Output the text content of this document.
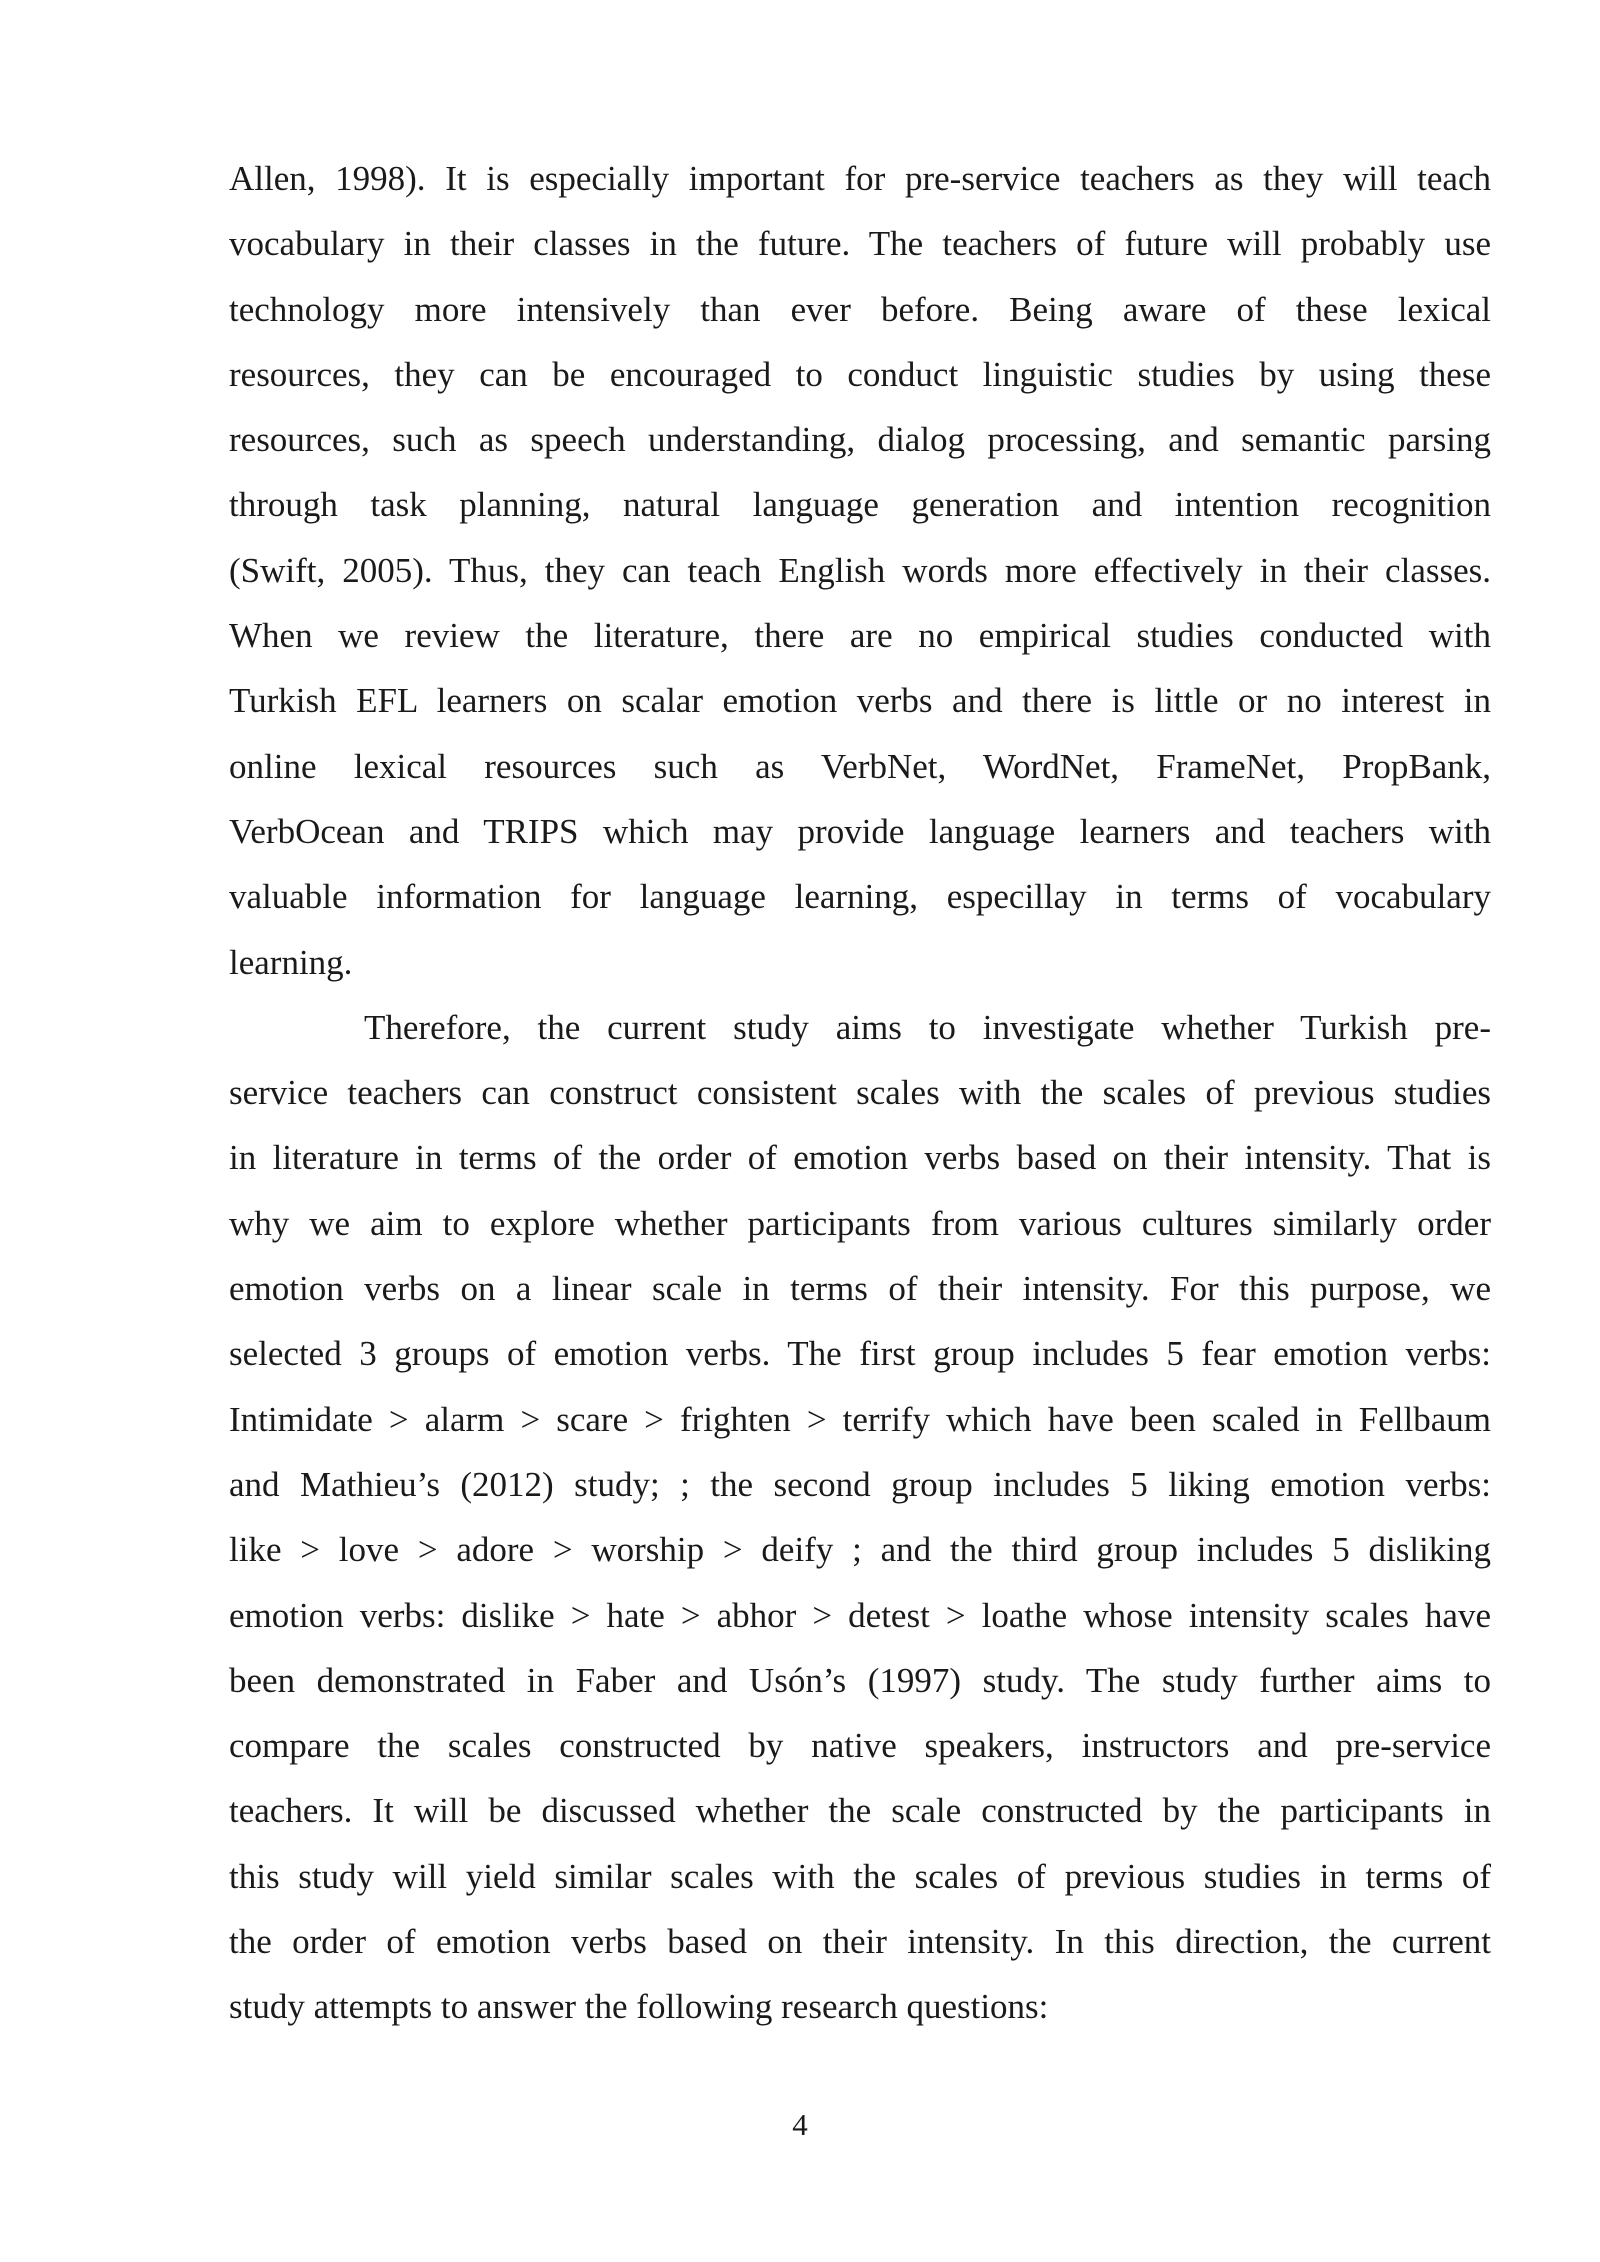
Allen, 1998). It is especially important for pre-service teachers as they will teach
vocabulary in their classes in the future. The teachers of future will probably use
technology more intensively than ever before. Being aware of these lexical
resources, they can be encouraged to conduct linguistic studies by using these
resources, such as speech understanding, dialog processing, and semantic parsing
through task planning, natural language generation and intention recognition
(Swift, 2005). Thus, they can teach English words more effectively in their classes.
When we review the literature, there are no empirical studies conducted with
Turkish EFL learners on scalar emotion verbs and there is little or no interest in
online lexical resources such as VerbNet, WordNet, FrameNet, PropBank,
VerbOcean and TRIPS which may provide language learners and teachers with
valuable information for language learning, especillay in terms of vocabulary
learning.
Therefore, the current study aims to investigate whether Turkish pre-
service teachers can construct consistent scales with the scales of previous studies
in literature in terms of the order of emotion verbs based on their intensity. That is
why we aim to explore whether participants from various cultures similarly order
emotion verbs on a linear scale in terms of their intensity. For this purpose, we
selected 3 groups of emotion verbs. The first group includes 5 fear emotion verbs:
Intimidate > alarm > scare > frighten > terrify which have been scaled in Fellbaum
and Mathieu’s (2012) study; ; the second group includes 5 liking emotion verbs:
like > love > adore > worship > deify ; and the third group includes 5 disliking
emotion verbs: dislike > hate > abhor > detest > loathe whose intensity scales have
been demonstrated in Faber and Usón’s (1997) study. The study further aims to
compare the scales constructed by native speakers, instructors and pre-service
teachers. It will be discussed whether the scale constructed by the participants in
this study will yield similar scales with the scales of previous studies in terms of
the order of emotion verbs based on their intensity. In this direction, the current
study attempts to answer the following research questions:
4
